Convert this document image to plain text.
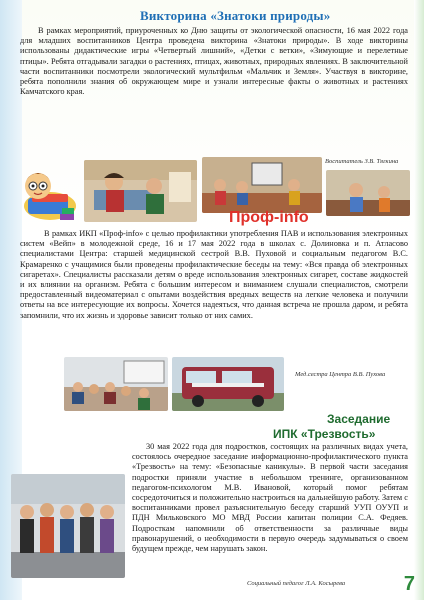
Викторина «Знатоки природы»

В рамках мероприятий, приуроченных ко Дню защиты от экологической опасности, 16 мая 2022 года для младших воспитанников Центра проведена викторина «Знатоки природы». В ходе викторины использованы дидактические игры «Четвертый лишний», «Детки с ветки», «Зимующие и перелетные птицы». Ребята отгадывали загадки о растениях, птицах, животных, природных явлениях. В заключительной части воспитанники посмотрели экологический мультфильм «Мальчик и Земля». Участвуя в викторине, ребята пополнили знания об окружающем мире и узнали интересные факты о животных и растениях Камчатского края.

Воспитатель З.В. Тягкина
Проф-info

В рамках ИКП «Проф-info» с целью профилактики употребления ПАВ и использования электронных систем «Вейп» в молодежной среде, 16 и 17 мая 2022 года в школах с. Долиновка и п. Атласово специалистами Центра: старшей медицинской сестрой В.В. Пуховой и социальным педагогом В.С. Крамаренко с учащимися были проведены профилактические беседы на тему: «Вся правда об электронных сигаретах». Специалисты рассказали детям о вреде использования электронных сигарет, составе жидкостей и их влиянии на организм. Ребята с большим интересом и вниманием слушали специалистов, смотрели предоставленный видеоматериал с опытами воздействия вредных веществ на легкие человека и получили ответы на все интересующие их вопросы. Хочется надеяться, что данная встреча не прошла даром, и ребята запомнили, что их жизнь и здоровье зависит только от них самих.

Мед.сестра Центра В.В. Пухова
Заседание
ИПК «Трезвость»

30 мая 2022 года для подростков, состоящих на различных видах учета, состоялось очередное заседание информационно-профилактического пункта «Трезвость» на тему: «Безопасные каникулы». В первой части заседания подростки приняли участие в небольшом тренинге, организованном педагогом-психологом М.В. Ивановой, который помог ребятам сосредоточиться и положительно настроиться на дальнейшую работу. Затем с воспитанниками провел разъяснительную беседу старший УУП ОУУП и ПДН Мильковского МО МВД России капитан полиции С.А. Федяев. Подросткам напомнили об ответственности за различные виды правонарушений, о необходимости в первую очередь задумываться о своем будущем прежде, чем нарушать закон.

Социальный педагог Л.А. Косырева	7
